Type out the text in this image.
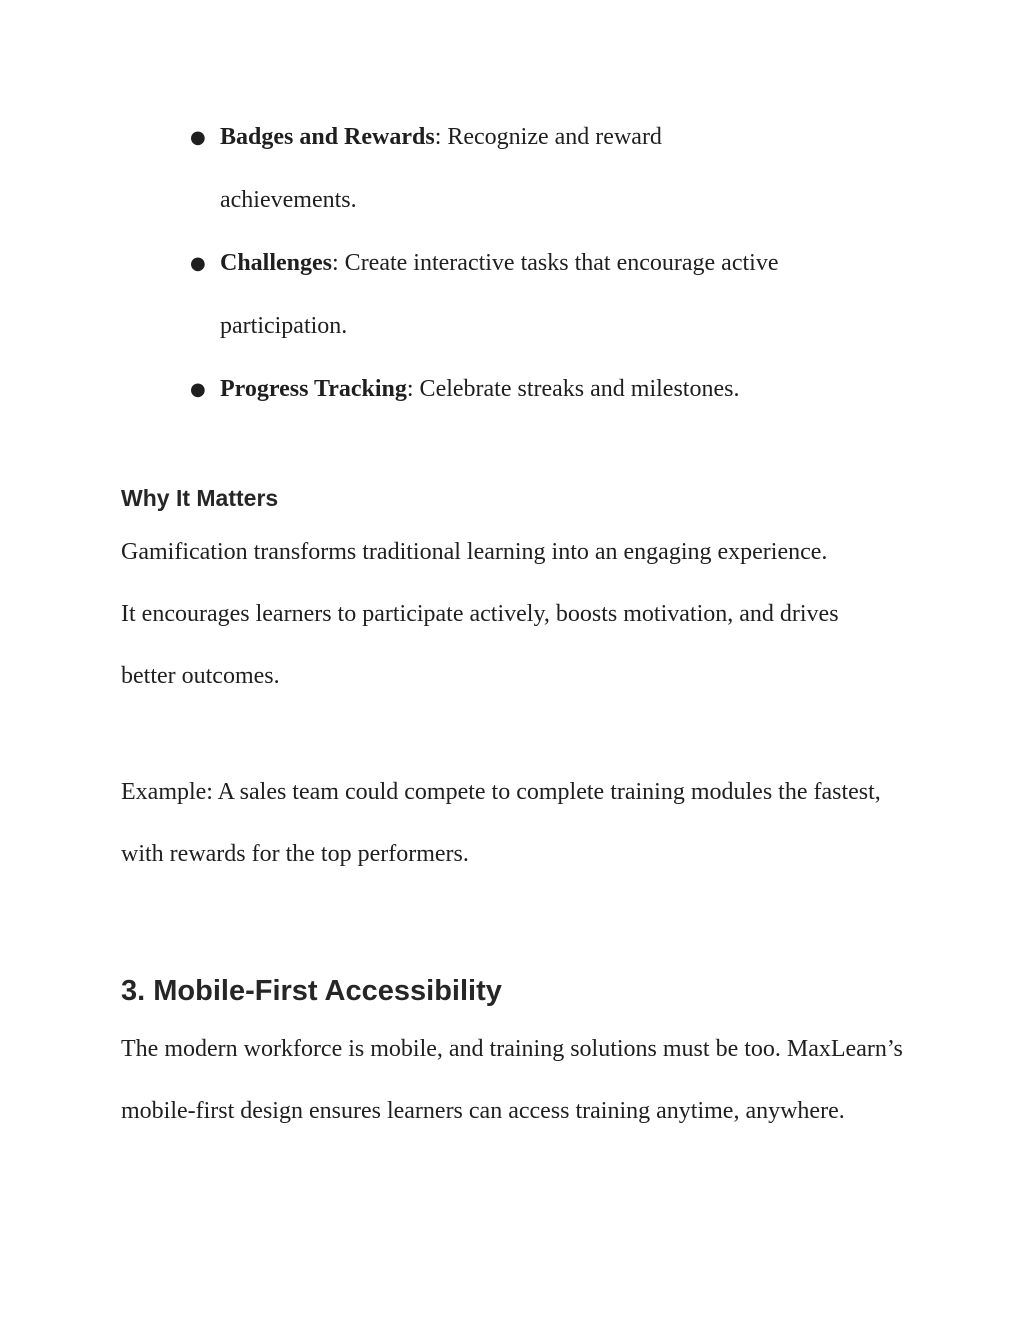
● Badges and Rewards: Recognize and reward achievements.
● Challenges: Create interactive tasks that encourage active participation.
● Progress Tracking: Celebrate streaks and milestones.
Why It Matters

Gamification transforms traditional learning into an engaging experience. It encourages learners to participate actively, boosts motivation, and drives better outcomes.

Example: A sales team could compete to complete training modules the fastest, with rewards for the top performers.

3. Mobile-First Accessibility

The modern workforce is mobile, and training solutions must be too. MaxLearn’s mobile-first design ensures learners can access training anytime, anywhere.
